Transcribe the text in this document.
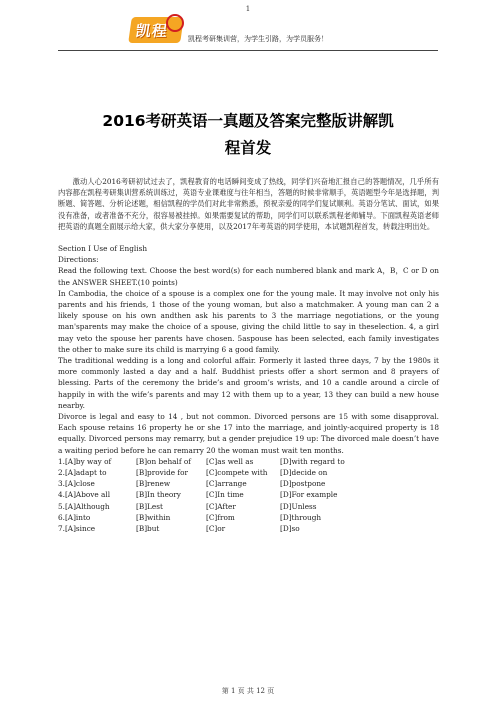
1
凯程	凯程考研集训营，为学生引路，为学员服务！
2016考研英语一真题及答案完整版讲解凯
程首发

激动人心2016考研初试过去了，凯程教育的电话瞬间变成了热线，同学们兴奋地汇报自己的答题情况，几乎所有内容都在凯程考研集训营系统训练过，英语专业课难度与往年相当，答题的时候非常顺手，英语题型今年是选择题，判断题、简答题、分析论述题，相信凯程的学员们对此非常熟悉，预祝亲爱的同学们复试顺利。英语分笔试、面试，如果没有准备，或者准备不充分，很容易被挂掉。如果需要复试的帮助，同学们可以联系凯程老师辅导。下面凯程英语老师把英语的真题全面展示给大家，供大家分享使用，以及2017年考英语的同学使用，本试题凯程首发，转载注明出处。

Section Ⅰ Use of English

Directions:

Read the following text. Choose the best word(s) for each numbered blank and mark A，B，C or D on the ANSWER SHEET.(10 points)

In Cambodia, the choice of a spouse is a complex one for the young male. It may involve not only his parents and his friends, 1 those of the young woman, but also a matchmaker. A young man can 2 a likely spouse on his own andthen ask his parents to 3 the marriage negotiations, or the young man'sparents may make the choice of a spouse, giving the child little to say in theselection. 4, a girl may veto the spouse her parents have chosen. 5aspouse has been selected, each family investigates the other to make sure its child is marrying 6 a good family.

The traditional wedding is a long and colorful affair. Formerly it lasted three days, 7 by the 1980s it more commonly lasted a day and a half. Buddhist priests offer a short sermon and 8 prayers of blessing. Parts of the ceremony the bride’s and groom’s wrists, and 10 a candle around a circle of happily in with the wife’s parents and may 12 with them up to a year, 13 they can build a new house nearby.

Divorce is legal and easy to 14 , but not common. Divorced persons are 15 with some disapproval. Each spouse retains 16 property he or she 17 into the marriage, and jointly-acquired property is 18 equally. Divorced persons may remarry, but a gender prejudice 19 up: The divorced male doesn’t have a waiting period before he can remarry 20 the woman must wait ten months.

1.[A]by way of	[B]on behalf of	[C]as well as	[D]with regard to
2.[A]adapt to	[B]provide for	[C]compete with	[D]decide on
3.[A]close	[B]renew	[C]arrange	[D]postpone
4.[A]Above all	[B]In theory	[C]In time	[D]For example
5.[A]Although	[B]Lest	[C]After	[D]Unless
6.[A]into	[B]within	[C]from	[D]through
7.[A]since	[B]but	[C]or	[D]so
第 1 页 共 12 页
